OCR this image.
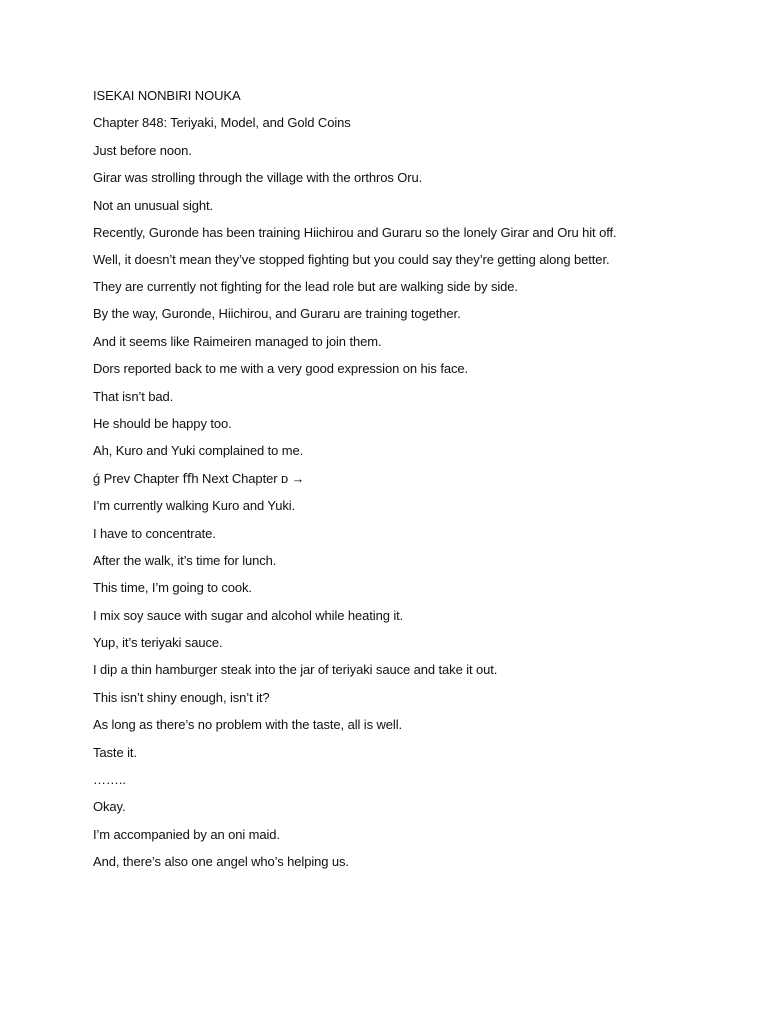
ISEKAI NONBIRI NOUKA

Chapter 848: Teriyaki, Model, and Gold Coins

Just before noon.

Girar was strolling through the village with the orthros Oru.

Not an unusual sight.

Recently, Guronde has been training Hiichirou and Guraru so the lonely Girar and Oru hit off.

Well, it doesn’t mean they’ve stopped fighting but you could say they’re getting along better.

They are currently not fighting for the lead role but are walking side by side.

By the way, Guronde, Hiichirou, and Guraru are training together.

And it seems like Raimeiren managed to join them.

Dors reported back to me with a very good expression on his face.

That isn’t bad.

He should be happy too.

Ah, Kuro and Yuki complained to me.

ǵ Prev Chapter ﬀh Next Chapter ᴅ →

I’m currently walking Kuro and Yuki.

I have to concentrate.

After the walk, it’s time for lunch.

This time, I’m going to cook.

I mix soy sauce with sugar and alcohol while heating it.

Yup, it’s teriyaki sauce.

I dip a thin hamburger steak into the jar of teriyaki sauce and take it out.

This isn’t shiny enough, isn’t it?

As long as there’s no problem with the taste, all is well.

Taste it.

……..

Okay.

I’m accompanied by an oni maid.

And, there’s also one angel who’s helping us.
